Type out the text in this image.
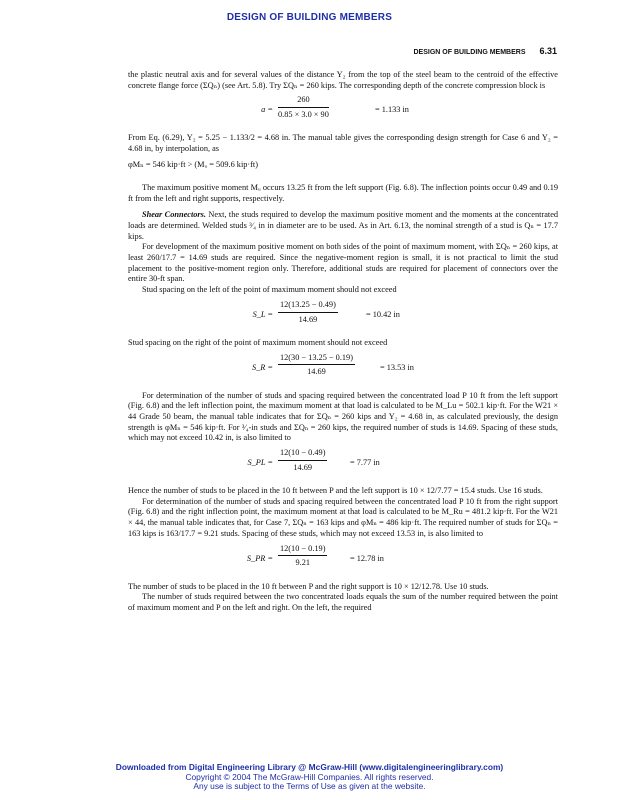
DESIGN OF BUILDING MEMBERS
DESIGN OF BUILDING MEMBERS 6.31

the plastic neutral axis and for several values of the distance Y₂ from the top of the steel beam to the centroid of the effective concrete flange force (ΣQₙ) (see Art. 5.8). Try ΣQₙ = 260 kips. The corresponding depth of the concrete compression block is

$a = \frac{260}{0.85 \times 3.0 \times 90}$	= 1.133 in

From Eq. (6.29), Y₂ = 5.25 − 1.133/2 = 4.68 in. The manual table gives the corresponding design strength for Case 6 and Y₂ = 4.68 in, by interpolation, as

φMₙ = 546 kip·ft > (Mᵤ = 509.6 kip·ft)

The maximum positive moment Mᵤ occurs 13.25 ft from the left support (Fig. 6.8). The inflection points occur 0.49 and 0.19 ft from the left and right supports, respectively.

Shear Connectors. Next, the studs required to develop the maximum positive moment and the moments at the concentrated loads are determined. Welded studs ³⁄₄ in in diameter are to be used. As in Art. 6.13, the nominal strength of a stud is Qₙ = 17.7 kips.

For development of the maximum positive moment on both sides of the point of maximum moment, with ΣQₙ = 260 kips, at least 260/17.7 = 14.69 studs are required. Since the negative-moment region is small, it is not practical to limit the stud placement to the positive-moment region only. Therefore, additional studs are required for placement of connectors over the entire 30-ft span.

Stud spacing on the left of the point of maximum moment should not exceed

S_L = $\frac{12(13.25 - 0.49)}{14.69}$	= 10.42 in

Stud spacing on the right of the point of maximum moment should not exceed

S_R = $\frac{12(30 - 13.25 - 0.19)}{14.69}$	= 13.53 in

For determination of the number of studs and spacing required between the concentrated load P 10 ft from the left support (Fig. 6.8) and the left inflection point, the maximum moment at that load is calculated to be M_Lu = 502.1 kip·ft. For the W21 × 44 Grade 50 beam, the manual table indicates that for ΣQₙ = 260 kips and Y₂ = 4.68 in, as calculated previously, the design strength is φMₙ = 546 kip·ft. For ³⁄₄-in studs and ΣQₙ = 260 kips, the required number of studs is 14.69. Spacing of these studs, which may not exceed 10.42 in, is also limited to

S_PL = $\frac{12(10 - 0.49)}{14.69}$	= 7.77 in

Hence the number of studs to be placed in the 10 ft between P and the left support is 10 × 12/7.77 = 15.4 studs. Use 16 studs.

For determination of the number of studs and spacing required between the concentrated load P 10 ft from the right support (Fig. 6.8) and the right inflection point, the maximum moment at that load is calculated to be M_Ru = 481.2 kip·ft. For the W21 × 44, the manual table indicates that, for Case 7, ΣQₙ = 163 kips and φMₙ = 486 kip·ft. The required number of studs for ΣQₙ = 163 kips is 163/17.7 = 9.21 studs. Spacing of these studs, which may not exceed 13.53 in, is also limited to

S_PR = $\frac{12(10 - 0.19)}{9.21}$	= 12.78 in

The number of studs to be placed in the 10 ft between P and the right support is 10 × 12/12.78. Use 10 studs.

The number of studs required between the two concentrated loads equals the sum of the number required between the point of maximum moment and P on the left and right. On the left, the required

Downloaded from Digital Engineering Library @ McGraw-Hill (www.digitalengineeringlibrary.com)
Copyright © 2004 The McGraw-Hill Companies. All rights reserved.
Any use is subject to the Terms of Use as given at the website.
